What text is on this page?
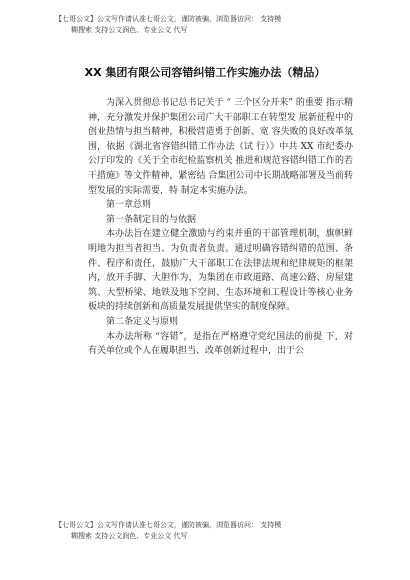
【七哥公文】公文写作请认准七哥公文，谨防被骗，浏览器访问： 支持模
糊搜索 支持公文润色、专业公文 代写
XX 集团有限公司容错纠错工作实施办法（精品）

为深入贯彻总书记总书记关于 “ 三个区分开来” 的重要 指示精神，充分激发并保护集团公司广大干部职工在转型发 展新征程中的创业热情与担当精神，积极营造勇于创新、宽 容失败的良好改革氛围，依据《湖北省容错纠错工作办法（试 行）》中共 XX 市纪委办公厅印发的《关于全市纪检监察机关 推进和规范容错纠错工作的若干措施》等文件精神，紧密结 合集团公司中长期战略部署及当前转型发展的实际需要，特 制定本实施办法。

第一章总则

第一条制定目的与依据

本办法旨在建立健全激励与约束并重的干部管理机制，旗帜鲜明地为担当者担当、为负责者负责。通过明确容错纠错的范围、条件、程序和责任，鼓励广大干部职工在法律法规和纪律规矩的框架内，放开手脚、大胆作为，为集团在市政道路、高速公路、房屋建筑、大型桥梁、地铁及地下空间、生态环境和工程设计等核心业务板块的持续创新和高质量发展提供坚实的制度保障。

第二条定义与原则

本办法所称 “容错”，是指在严格遵守党纪国法的前提 下，对有关单位或个人在履职担当、改革创新过程中，出于公

【七哥公文】公文写作请认准七哥公文，谨防被骗，浏览器访问： 支持模
糊搜索 支持公文润色、专业公文 代写
